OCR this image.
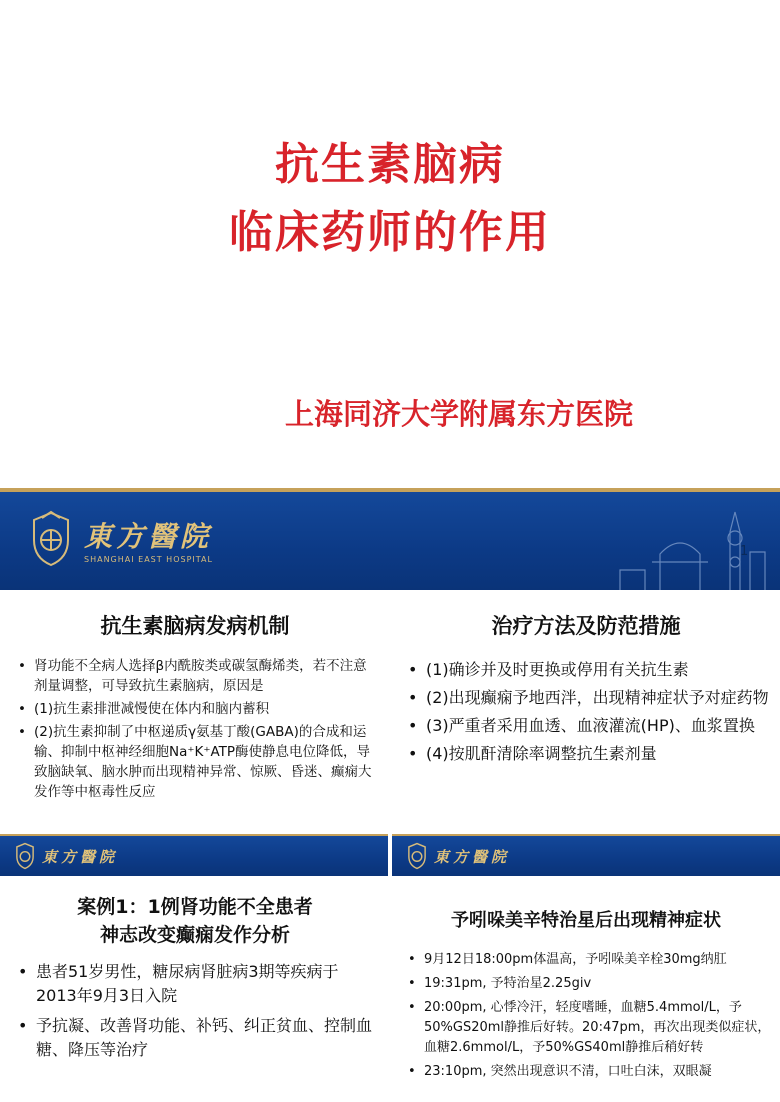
抗生素脑病
临床药师的作用
上海同济大学附属东方医院
東方醫院
SHANGHAI EAST HOSPITAL	1
抗生素脑病发病机制
• 肾功能不全病人选择β内酰胺类或碳氢酶烯类，若不注意剂量调整，可导致抗生素脑病，原因是
• (1)抗生素排泄减慢使在体内和脑内蓄积
• (2)抗生素抑制了中枢递质γ氨基丁酸(GABA)的合成和运输、抑制中枢神经细胞Na⁺K⁺ATP酶使静息电位降低，导致脑缺氧、脑水肿而出现精神异常、惊厥、昏迷、癫痫大发作等中枢毒性反应
治疗方法及防范措施
• (1)确诊并及时更换或停用有关抗生素
• (2)出现癫痫予地西泮，出现精神症状予对症药物
• (3)严重者采用血透、血液灌流(HP)、血浆置换
• (4)按肌酐清除率调整抗生素剂量
東方醫院	東方醫院
案例1：1例肾功能不全患者
神志改变癫痫发作分析
• 患者51岁男性，糖尿病肾脏病3期等疾病于2013年9月3日入院
• 予抗凝、改善肾功能、补钙、纠正贫血、控制血糖、降压等治疗
予吲哚美辛特治星后出现精神症状
• 9月12日18:00pm体温高，予吲哚美辛栓30mg纳肛
• 19:31pm, 予特治星2.25giv
• 20:00pm, 心悸冷汗，轻度嗜睡，血糖5.4mmol/L，予50%GS20ml静推后好转。20:47pm，再次出现类似症状，血糖2.6mmol/L，予50%GS40ml静推后稍好转
• 23:10pm, 突然出现意识不清，口吐白沫，双眼凝
